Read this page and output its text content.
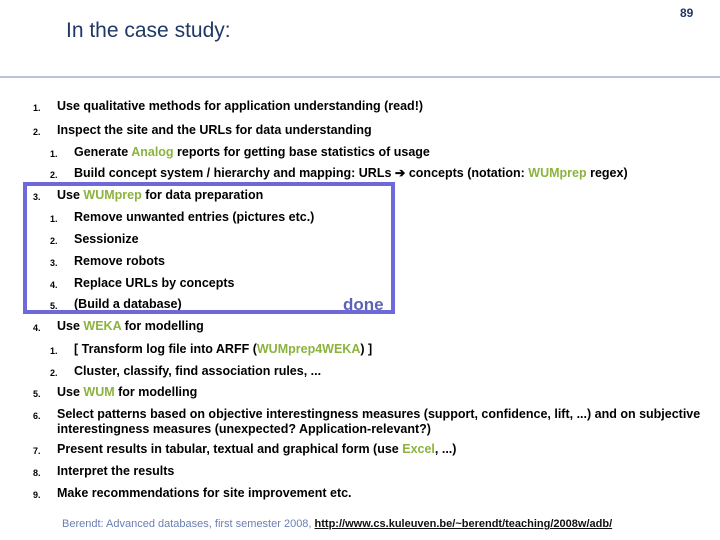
In the case study:
89
1. Use qualitative methods for application understanding (read!)
2. Inspect the site and the URLs for data understanding
1. Generate Analog reports for getting base statistics of usage
2. Build concept system / hierarchy and mapping: URLs ➔ concepts (notation: WUMprep regex)
3. Use WUMprep for data preparation
1. Remove unwanted entries (pictures etc.)
2. Sessionize
3. Remove robots
4. Replace URLs by concepts
5. (Build a database)	done
4. Use WEKA for modelling
1. [ Transform log file into ARFF (WUMprep4WEKA) ]
2. Cluster, classify, find association rules, ...
5. Use WUM for modelling
6. Select patterns based on objective interestingness measures (support, confidence, lift, ...) and on subjective interestingness measures (unexpected? Application-relevant?)
7. Present results in tabular, textual and graphical form (use Excel, ...)
8. Interpret the results
9. Make recommendations for site improvement etc.
Berendt: Advanced databases, first semester 2008, http://www.cs.kuleuven.be/~berendt/teaching/2008w/adb/
